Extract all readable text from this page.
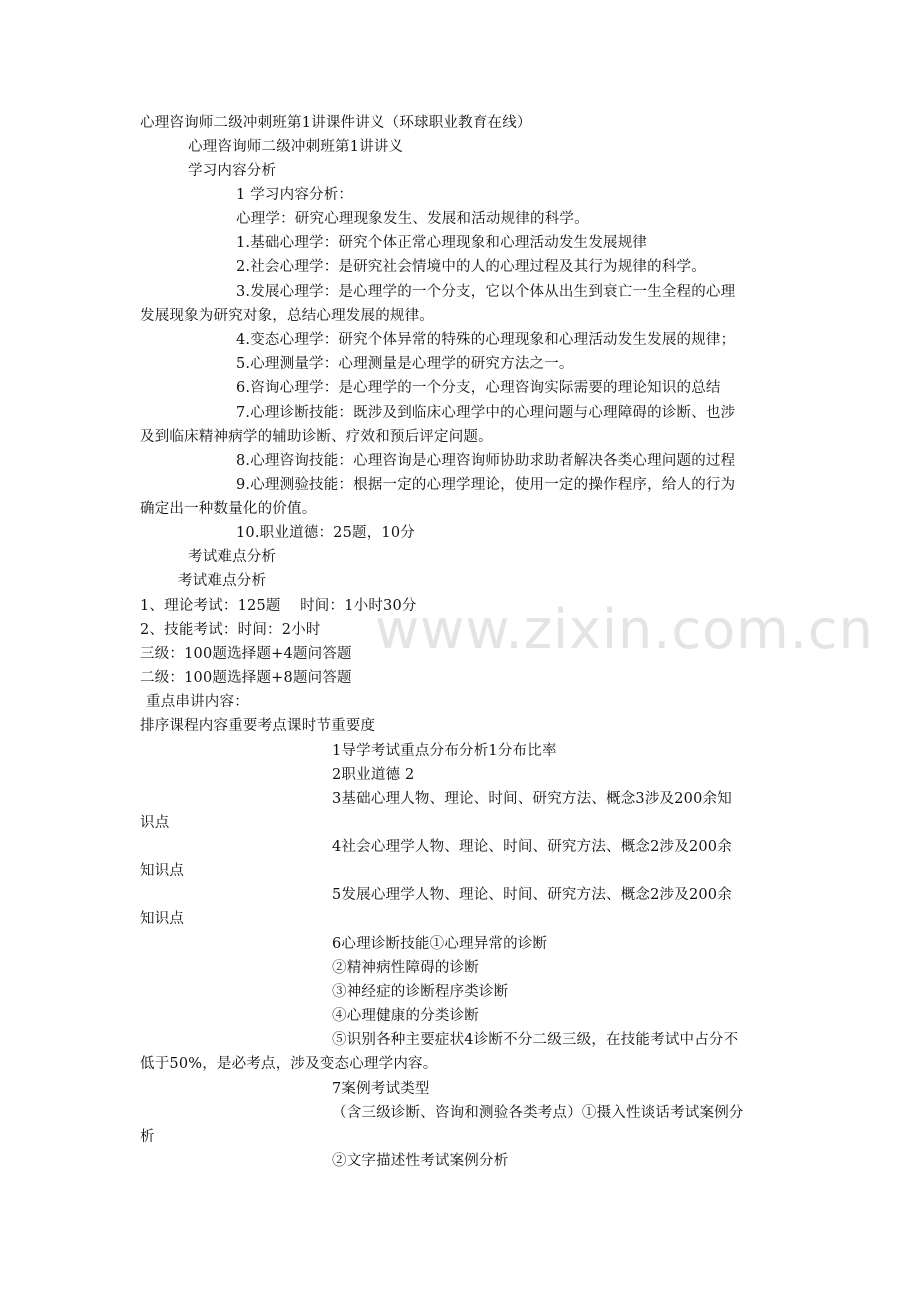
www.zixin.com.cn
心理咨询师二级冲刺班第1讲课件讲义（环球职业教育在线）
心理咨询师二级冲刺班第1讲讲义
学习内容分析
1 学习内容分析：
心理学：研究心理现象发生、发展和活动规律的科学。
1.基础心理学：研究个体正常心理现象和心理活动发生发展规律
2.社会心理学：是研究社会情境中的人的心理过程及其行为规律的科学。
3.发展心理学：是心理学的一个分支，它以个体从出生到衰亡一生全程的心理
发展现象为研究对象，总结心理发展的规律。
4.变态心理学：研究个体异常的特殊的心理现象和心理活动发生发展的规律；
5.心理测量学：心理测量是心理学的研究方法之一。
6.咨询心理学：是心理学的一个分支，心理咨询实际需要的理论知识的总结
7.心理诊断技能：既涉及到临床心理学中的心理问题与心理障碍的诊断、也涉
及到临床精神病学的辅助诊断、疗效和预后评定问题。
8.心理咨询技能：心理咨询是心理咨询师协助求助者解决各类心理问题的过程
9.心理测验技能：根据一定的心理学理论，使用一定的操作程序，给人的行为
确定出一种数量化的价值。
10.职业道德：25题，10分
考试难点分析
考试难点分析
1、理论考试：125题　 时间：1小时30分
2、技能考试：时间：2小时
三级：100题选择题+4题问答题
二级：100题选择题+8题问答题
重点串讲内容：
排序课程内容重要考点课时节重要度
1导学考试重点分布分析1分布比率
2职业道德 2
3基础心理人物、理论、时间、研究方法、概念3涉及200余知
识点
4社会心理学人物、理论、时间、研究方法、概念2涉及200余
知识点
5发展心理学人物、理论、时间、研究方法、概念2涉及200余
知识点
6心理诊断技能①心理异常的诊断
②精神病性障碍的诊断
③神经症的诊断程序类诊断
④心理健康的分类诊断
⑤识别各种主要症状4诊断不分二级三级，在技能考试中占分不
低于50%，是必考点，涉及变态心理学内容。
7案例考试类型
（含三级诊断、咨询和测验各类考点）①摄入性谈话考试案例分
析
②文字描述性考试案例分析
